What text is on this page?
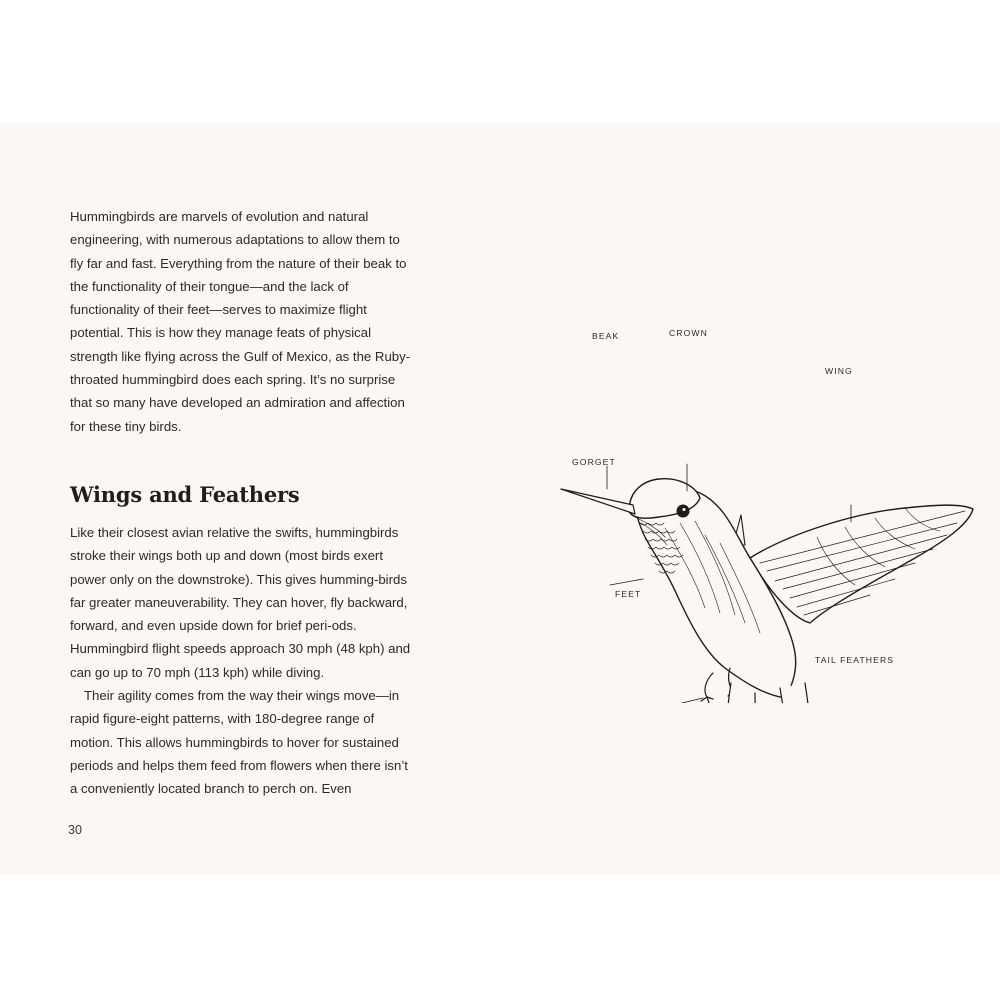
Hummingbirds are marvels of evolution and natural engineering, with numerous adaptations to allow them to fly far and fast. Everything from the nature of their beak to the functionality of their tongue—and the lack of functionality of their feet—serves to maximize flight potential. This is how they manage feats of physical strength like flying across the Gulf of Mexico, as the Ruby-throated hummingbird does each spring. It’s no surprise that so many have developed an admiration and affection for these tiny birds.

Wings and Feathers

Like their closest avian relative the swifts, hummingbirds stroke their wings both up and down (most birds exert power only on the downstroke). This gives humming-birds far greater maneuverability. They can hover, fly backward, forward, and even upside down for brief peri-ods. Hummingbird flight speeds approach 30 mph (48 kph) and can go up to 70 mph (113 kph) while diving.

Their agility comes from the way their wings move—in rapid figure-eight patterns, with 180-degree range of motion. This allows hummingbirds to hover for sustained periods and helps them feed from flowers when there isn’t a conveniently located branch to perch on. Even

30
BEAK	CROWN
WING
GORGET
FEET
TAIL FEATHERS
